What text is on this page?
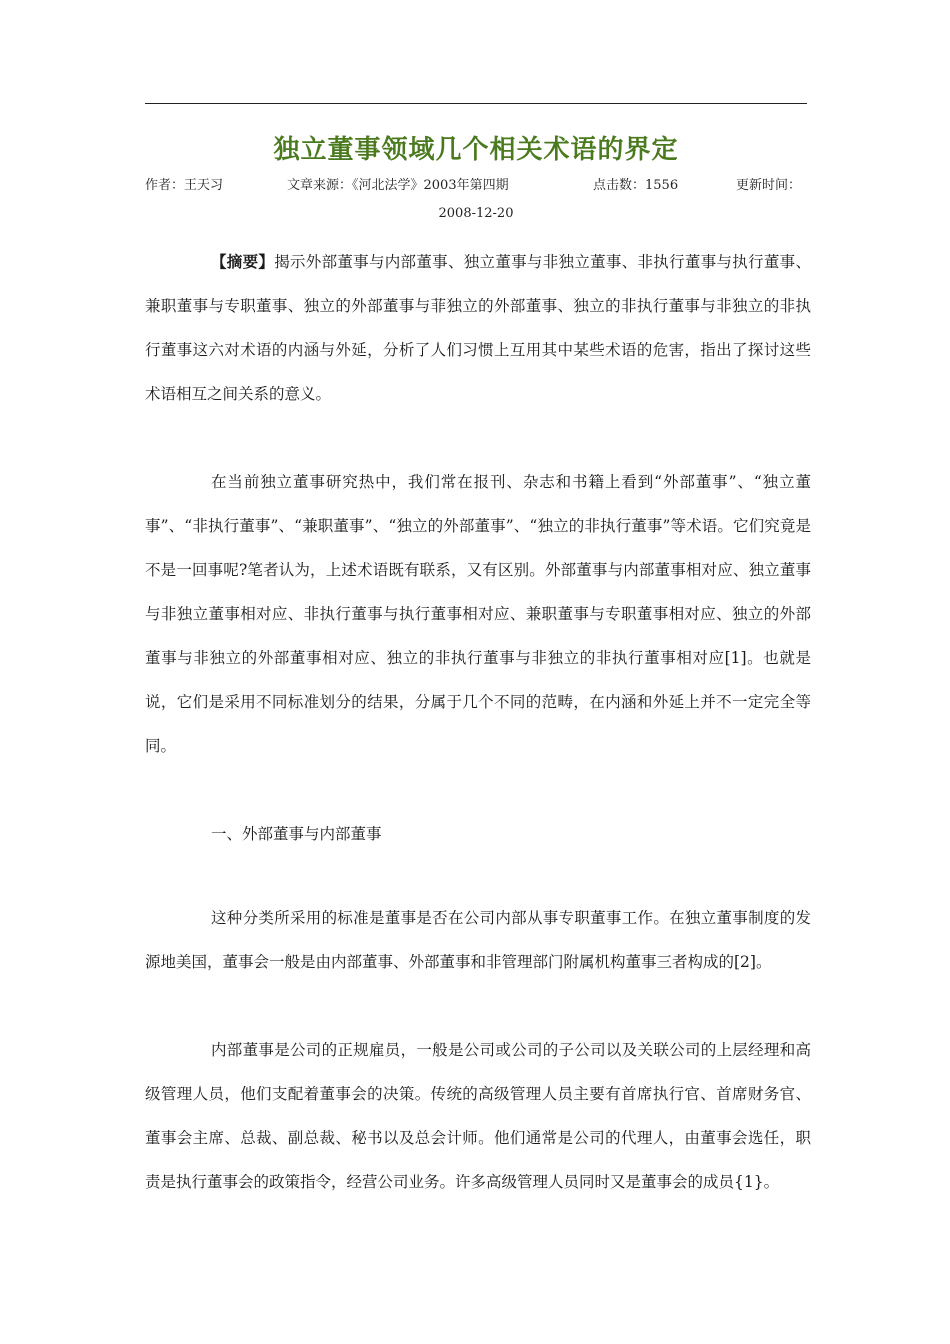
独立董事领域几个相关术语的界定
作者：王天习	文章来源：《河北法学》2003年第四期	点击数：1556	更新时间：
2008-12-20

【摘要】揭示外部董事与内部董事、独立董事与非独立董事、非执行董事与执行董事、兼职董事与专职董事、独立的外部董事与菲独立的外部董事、独立的非执行董事与非独立的非执行董事这六对术语的内涵与外延，分析了人们习惯上互用其中某些术语的危害，指出了探讨这些术语相互之间关系的意义。

在当前独立董事研究热中，我们常在报刊、杂志和书籍上看到“外部董事”、“独立董事”、“非执行董事”、“兼职董事”、“独立的外部董事”、“独立的非执行董事”等术语。它们究竟是不是一回事呢?笔者认为，上述术语既有联系，又有区别。外部董事与内部董事相对应、独立董事与非独立董事相对应、非执行董事与执行董事相对应、兼职董事与专职董事相对应、独立的外部董事与非独立的外部董事相对应、独立的非执行董事与非独立的非执行董事相对应[1]。也就是说，它们是采用不同标准划分的结果，分属于几个不同的范畴，在内涵和外延上并不一定完全等同。

一、外部董事与内部董事

这种分类所采用的标准是董事是否在公司内部从事专职董事工作。在独立董事制度的发源地美国，董事会一般是由内部董事、外部董事和非管理部门附属机构董事三者构成的[2]。

内部董事是公司的正规雇员，一般是公司或公司的子公司以及关联公司的上层经理和高级管理人员，他们支配着董事会的决策。传统的高级管理人员主要有首席执行官、首席财务官、董事会主席、总裁、副总裁、秘书以及总会计师。他们通常是公司的代理人，由董事会选任，职责是执行董事会的政策指令，经营公司业务。许多高级管理人员同时又是董事会的成员{1}。
